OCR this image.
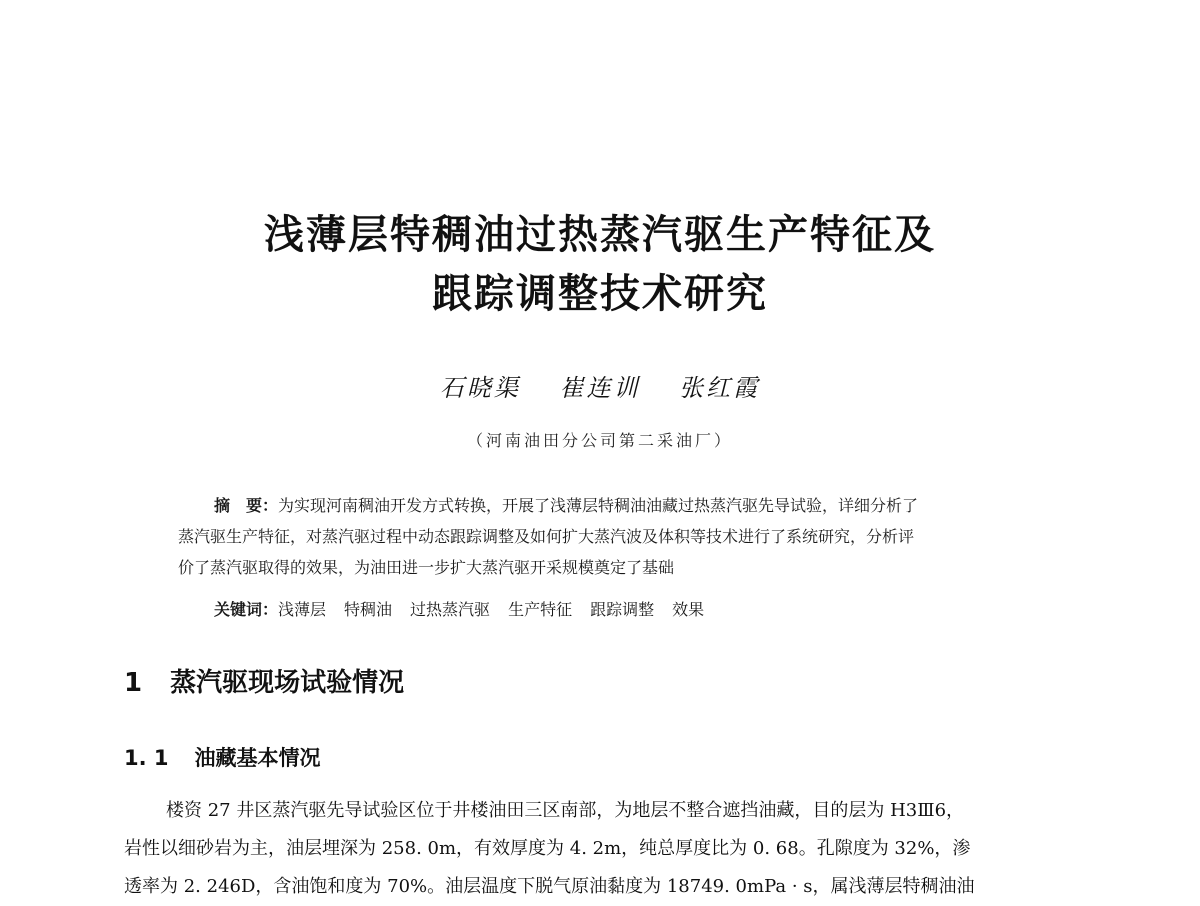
浅薄层特稠油过热蒸汽驱生产特征及
跟踪调整技术研究
石晓渠 崔连训 张红霞
（河南油田分公司第二采油厂）
摘　要：为实现河南稠油开发方式转换，开展了浅薄层特稠油油藏过热蒸汽驱先导试验，详细分析了
蒸汽驱生产特征，对蒸汽驱过程中动态跟踪调整及如何扩大蒸汽波及体积等技术进行了系统研究，分析评
价了蒸汽驱取得的效果，为油田进一步扩大蒸汽驱开采规模奠定了基础
关键词：浅薄层 特稠油 过热蒸汽驱 生产特征 跟踪调整 效果
1 蒸汽驱现场试验情况
1. 1 油藏基本情况
楼资 27 井区蒸汽驱先导试验区位于井楼油田三区南部，为地层不整合遮挡油藏，目的层为 H3Ⅲ6，
岩性以细砂岩为主，油层埋深为 258. 0m，有效厚度为 4. 2m，纯总厚度比为 0. 68。孔隙度为 32%，渗
透率为 2. 246D，含油饱和度为 70%。油层温度下脱气原油黏度为 18749. 0mPa · s，属浅薄层特稠油油
